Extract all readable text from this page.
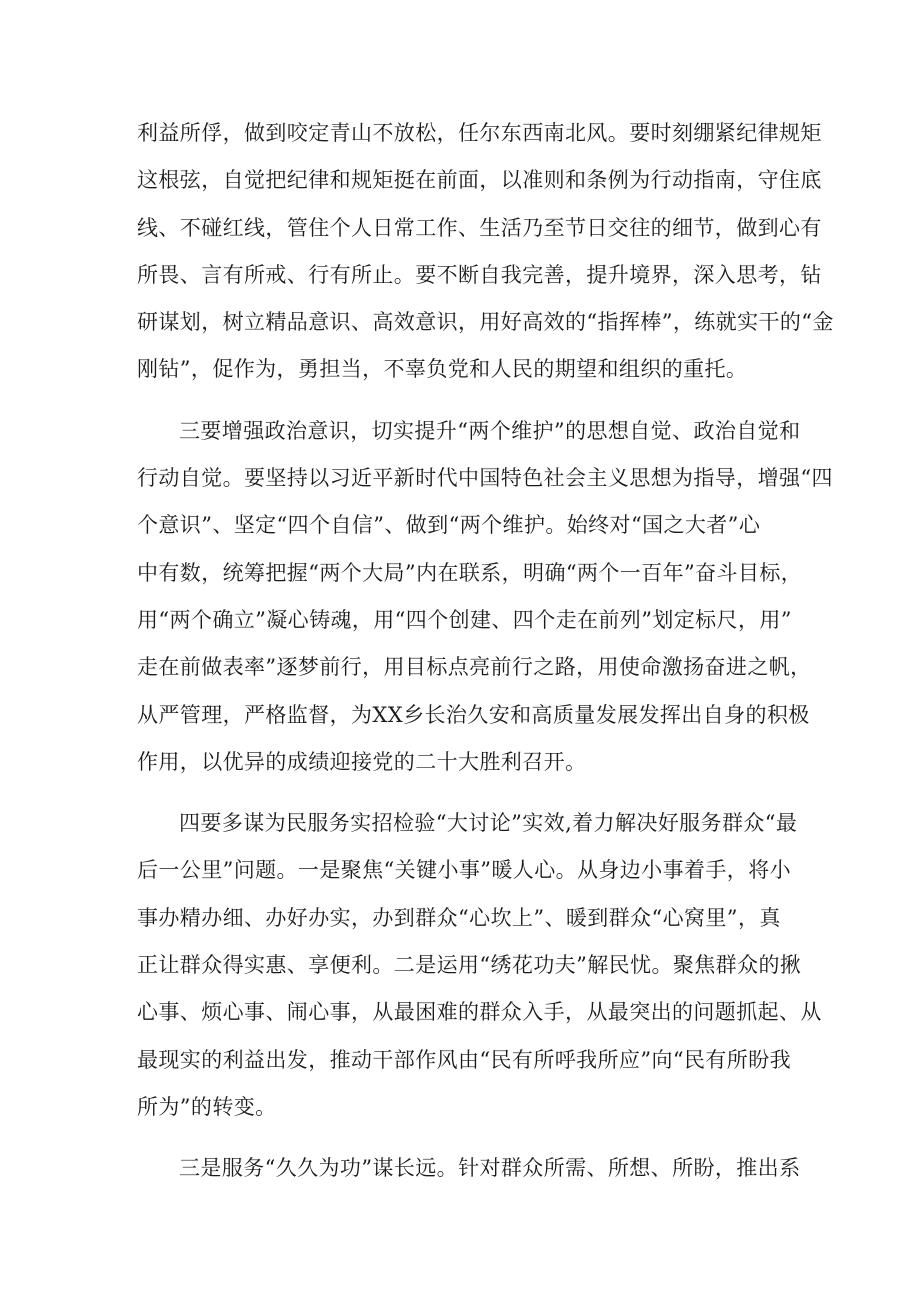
利益所俘，做到咬定青山不放松，任尔东西南北风。要时刻绷紧纪律规矩
这根弦，自觉把纪律和规矩挺在前面，以准则和条例为行动指南，守住底
线、不碰红线，管住个人日常工作、生活乃至节日交往的细节，做到心有
所畏、言有所戒、行有所止。要不断自我完善，提升境界，深入思考，钻
研谋划，树立精品意识、高效意识，用好高效的“指挥棒”，练就实干的“金
刚钻”，促作为，勇担当，不辜负党和人民的期望和组织的重托。
三要增强政治意识，切实提升“两个维护”的思想自觉、政治自觉和
行动自觉。要坚持以习近平新时代中国特色社会主义思想为指导，增强“四
个意识”、坚定“四个自信”、做到“两个维护。始终对“国之大者”心
中有数，统筹把握“两个大局”内在联系，明确“两个一百年”奋斗目标，
用“两个确立”凝心铸魂，用“四个创建、四个走在前列”划定标尺，用”
走在前做表率”逐梦前行，用目标点亮前行之路，用使命激扬奋进之帆，
从严管理，严格监督，为XX乡长治久安和高质量发展发挥出自身的积极
作用，以优异的成绩迎接党的二十大胜利召开。
四要多谋为民服务实招检验“大讨论”实效,着力解决好服务群众“最
后一公里”问题。一是聚焦“关键小事”暖人心。从身边小事着手，将小
事办精办细、办好办实，办到群众“心坎上”、暖到群众“心窝里”，真
正让群众得实惠、享便利。二是运用“绣花功夫”解民忧。聚焦群众的揪
心事、烦心事、闹心事，从最困难的群众入手，从最突出的问题抓起、从
最现实的利益出发，推动干部作风由“民有所呼我所应”向“民有所盼我
所为”的转变。
三是服务“久久为功”谋长远。针对群众所需、所想、所盼，推出系
